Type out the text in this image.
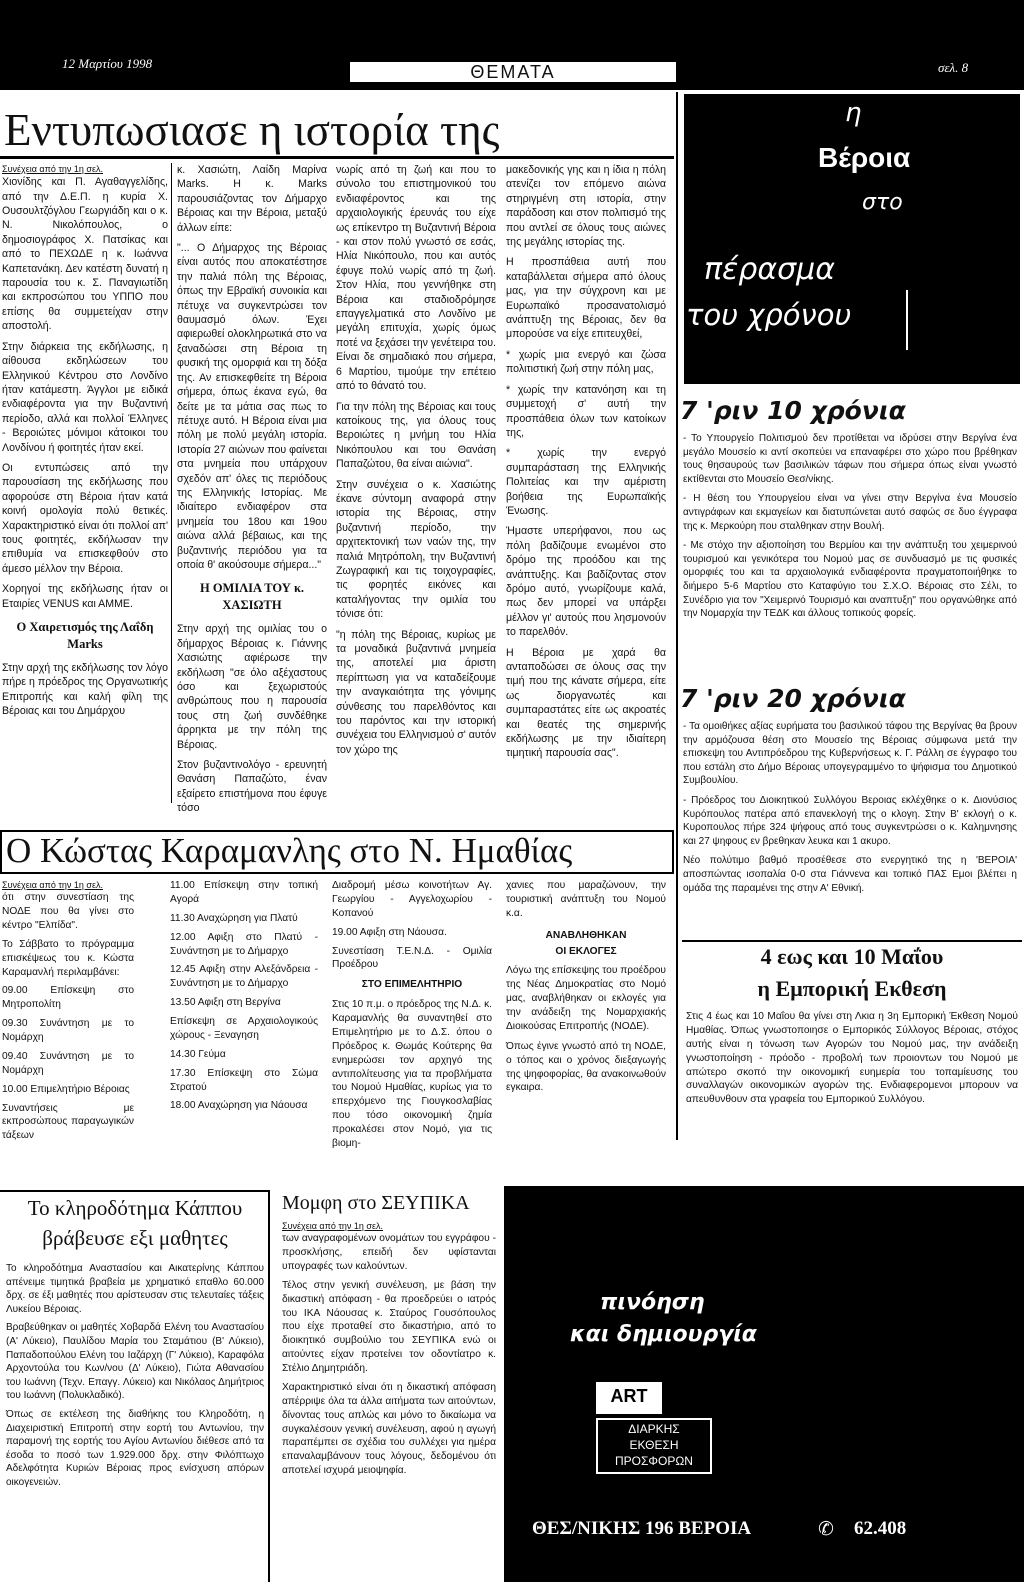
12 Μαρτίου 1998	ΘΕΜΑΤΑ	σελ. 8
Εντυπωσιασε η ιστορία της

Συνέχεια από την 1η σελ.

Χιονίδης και Π. Αγαθαγγελίδης, από την Δ.Ε.Π. η κυρία Χ. Ουσουλτζόγλου Γεωργιάδη και ο κ. Ν. Νικολόπουλος, ο δημοσιογράφος Χ. Πατσίκας και από το ΠΕΧΩΔΕ η κ. Ιωάννα Καπετανάκη. Δεν κατέστη δυνατή η παρουσία του κ. Σ. Παναγιωτίδη και εκπροσώπου του ΥΠΠΟ που επίσης θα συμμετείχαν στην αποστολή.

Στην διάρκεια της εκδήλωσης, η αίθουσα εκδηλώσεων του Ελληνικού Κέντρου στο Λονδίνο ήταν κατάμεστη. Άγγλοι με ειδικά ενδιαφέροντα για την Βυζαντινή περίοδο, αλλά και πολλοί Έλληνες - Βεροιώτες μόνιμοι κάτοικοι του Λονδίνου ή φοιτητές ήταν εκεί.

Οι εντυπώσεις από την παρουσίαση της εκδήλωσης που αφορούσε στη Βέροια ήταν κατά κοινή ομολογία πολύ θετικές. Χαρακτηριστικό είναι ότι πολλοί απ' τους φοιτητές, εκδήλωσαν την επιθυμία να επισκεφθούν στο άμεσο μέλλον την Βέροια.

Χορηγοί της εκδήλωσης ήταν οι Εταιρίες VENUS και ΑΜΜΕ.

Ο Χαιρετισμός της Λαΐδη Marks

Στην αρχή της εκδήλωσης τον λόγο πήρε η πρόεδρος της Οργανωτικής Επιτροπής και καλή φίλη της Βέροιας και του Δημάρχου

κ. Χασιώτη, Λαίδη Μαρίνα Marks. Η κ. Marks παρουσιάζοντας τον Δήμαρχο Βέροιας και την Βέροια, μεταξύ άλλων είπε:

"... Ο Δήμαρχος της Βέροιας είναι αυτός που αποκατέστησε την παλιά πόλη της Βέροιας, όπως την Εβραϊκή συνοικία και πέτυχε να συγκεντρώσει τον θαυμασμό όλων. Έχει αφιερωθεί ολοκληρωτικά στο να ξαναδώσει στη Βέροια τη φυσική της ομορφιά και τη δόξα της. Αν επισκεφθείτε τη Βέροια σήμερα, όπως έκανα εγώ, θα δείτε με τα μάτια σας πως το πέτυχε αυτό. Η Βέροια είναι μια πόλη με πολύ μεγάλη ιστορία. Ιστορία 27 αιώνων που φαίνεται στα μνημεία που υπάρχουν σχεδόν απ' όλες τις περιόδους της Ελληνικής Ιστορίας. Με ιδιαίτερο ενδιαφέρον στα μνημεία του 18ου και 19ου αιώνα αλλά βέβαιως, και της βυζαντινής περιόδου για τα οποία θ' ακούσουμε σήμερα..."

Η ΟΜΙΛΙΑ ΤΟΥ κ. ΧΑΣΙΩΤΗ

Στην αρχή της ομιλίας του ο δήμαρχος Βέροιας κ. Γιάννης Χασιώτης αφιέρωσε την εκδήλωση "σε όλο αξέχαστους όσο και ξεχωριστούς ανθρώπους που η παρουσία τους στη ζωή συνδέθηκε άρρηκτα με την πόλη της Βέροιας.

Στον βυζαντινολόγο - ερευνητή Θανάση Παπαζώτο, έναν εξαίρετο επιστήμονα που έφυγε τόσο

νωρίς από τη ζωή και που το σύνολο του επιστημονικού του ενδιαφέροντος και της αρχαιολογικής έρευνάς του είχε ως επίκεντρο τη Βυζαντινή Βέροια - και στον πολύ γνωστό σε εσάς, Ηλία Νικόπουλο, που και αυτός έφυγε πολύ νωρίς από τη ζωή. Στον Ηλία, που γεννήθηκε στη Βέροια και σταδιοδρόμησε επαγγελματικά στο Λονδίνο με μεγάλη επιτυχία, χωρίς όμως ποτέ να ξεχάσει την γενέτειρα του. Είναι δε σημαδιακό που σήμερα, 6 Μαρτίου, τιμούμε την επέτειο από το θάνατό του.

Για την πόλη της Βέροιας και τους κατοίκους της, για όλους τους Βεροιώτες η μνήμη του Ηλία Νικόπουλου και του Θανάση Παπαζώτου, θα είναι αιώνια".

Στην συνέχεια ο κ. Χασιώτης έκανε σύντομη αναφορά στην ιστορία της Βέροιας, στην βυζαντινή περίοδο, την αρχιτεκτονική των ναών της, την παλιά Μητρόπολη, την Βυζαντινή Ζωγραφική και τις τοιχογραφίες, τις φορητές εικόνες και καταλήγοντας την ομιλία του τόνισε ότι:

"η πόλη της Βέροιας, κυρίως με τα μοναδικά βυζαντινά μνημεία της, αποτελεί μια άριστη περίπτωση για να καταδείξουμε την αναγκαιότητα της γόνιμης σύνθεσης του παρελθόντος και του παρόντος και την ιστορική συνέχεια του Ελληνισμού σ' αυτόν τον χώρο της

μακεδονικής γης και η ίδια η πόλη ατενίζει τον επόμενο αιώνα στηριγμένη στη ιστορία, στην παράδοση και στον πολιτισμό της που αντλεί σε όλους τους αιώνες της μεγάλης ιστορίας της.

Η προσπάθεια αυτή που καταβάλλεται σήμερα από όλους μας, για την σύγχρονη και με Ευρωπαϊκό προσανατολισμό ανάπτυξη της Βέροιας, δεν θα μπορούσε να είχε επιτευχθεί,

* χωρίς μια ενεργό και ζώσα πολιτιστική ζωή στην πόλη μας,

* χωρίς την κατανόηση και τη συμμετοχή σ' αυτή την προσπάθεια όλων των κατοίκων της,

* χωρίς την ενεργό συμπαράσταση της Ελληνικής Πολιτείας και την αμέριστη βοήθεια της Ευρωπαϊκής Ένωσης.

Ήμαστε υπερήφανοι, που ως πόλη βαδίζουμε ενωμένοι στο δρόμο της προόδου και της ανάπτυξης. Και βαδίζοντας στον δρόμο αυτό, γνωρίζουμε καλά, πως δεν μπορεί να υπάρξει μέλλον γι' αυτούς που λησμονούν το παρελθόν.

Η Βέροια με χαρά θα ανταποδώσει σε όλους σας την τιμή που της κάνατε σήμερα, είτε ως διοργανωτές και συμπαραστάτες είτε ως ακροατές και θεατές της σημερινής εκδήλωσης με την ιδιαίτερη τιμητική παρουσία σας".

η
Βέροια
στο
πέρασμα
του χρόνου
7 'ριν 10 χρόνια

- Το Υπουργείο Πολιτισμού δεν προτίθεται να ιδρύσει στην Βεργίνα ένα μεγάλο Μουσείο κι αντί σκοπεύει να επαναφέρει στο χώρο που βρέθηκαν τους θησαυρούς των βασιλικών τάφων που σήμερα όπως είναι γνωστό εκτίθενται στο Μουσείο Θεσ/νίκης.

- Η θέση του Υπουργείου είναι να γίνει στην Βεργίνα ένα Μουσείο αντιγράφων και εκμαγείων και διατυπώνεται αυτό σαφώς σε δυο έγγραφα της κ. Μερκούρη που σταλθηκαν στην Βουλή.

- Με στόχο την αξιοποίηση του Βερμίου και την ανάπτυξη του χειμερινού τουρισμού και γενικότερα του Νομού μας σε συνδυασμό με τις φυσικές ομορφιές του και τα αρχαιολογικά ενδιαφέροντα πραγματοποιήθηκε το διήμερο 5-6 Μαρτίου στο Καταφύγιο του Σ.Χ.Ο. Βέροιας στο Σέλι, το Συνέδριο για τον "Χειμερινό Τουρισμό και αναπτυξη" που οργανώθηκε από την Νομαρχία την ΤΕΔΚ και άλλους τοπικούς φορείς.

7 'ριν 20 χρόνια

- Τα ομοιθήκες αξίας ευρήματα του βασιλικού τάφου της Βεργίνας θα βρουν την αρμόζουσα θέση στο Μουσείο της Βέροιας σύμφωνα μετά την επισκεψη του Αντιπρόεδρου της Κυβερνήσεως κ. Γ. Ράλλη σε έγγραφο του που εστάλη στο Δήμο Βέροιας υπογεγραμμένο το ψήφισμα του Δημοτικού Συμβουλίου.

- Πρόεδρος του Διοικητικού Συλλόγου Βεροιας εκλέχθηκε ο κ. Διονύσιος Κυρόπουλος πατέρα από επανεκλογή της ο κλογη. Στην Β' εκλογή ο κ. Κυροπουλος πήρε 324 ψήφους από τους συγκεντρώσει ο κ. Καλημνησης και 27 ψηφους εν βρεθηκαν λευκα και 1 ακυρο.

Νέο πολύτιμο βαθμό προσέθεσε στο ενεργητικό της η 'ΒΕΡΟΙΑ' αποσπώντας ισοπαλία 0-0 στα Γιάννενα και τοπικό ΠΑΣ Εμοι βλέπει η ομάδα της παραμένει της στην Α' Εθνική.

4 εως και 10 Μαΐου
η Εμπορική Εκθεση
Στις 4 έως και 10 Μαΐου θα γίνει στη Λκια η 3η Εμπορική Έκθεση Νομού Ημαθίας. Όπως γνωστοποιησε ο Εμπορικός Σύλλογος Βέροιας, στόχος αυτής είναι η τόνωση των Αγορών του Νομού μας, την ανάδειξη γνωστοποίηση - πρόοδο - προβολή των προιοντων του Νομού με απώτερο σκοπό την οικονομική ευημερία του τοπαμίευσης του συναλλαγών οικονομικών αγορών της. Ενδιαφερομενοι μπορουν να απευθυνθουν στα γραφεία του Εμπορικού Συλλόγου.
Ο Κώστας Καραμανλης στο Ν. Ημαθίας

Συνέχεια από την 1η σελ.

ότι στην συνεστίαση της ΝΟΔΕ που θα γίνει στο κέντρο "Ελπίδα".

Το Σάββατο το πρόγραμμα επισκέψεως του κ. Κώστα Καραμανλή περιλαμβάνει:

09.00 Επίσκεψη στο Μητροπολίτη

09.30 Συνάντηση με το Νομάρχη

09.40 Συνάντηση με το Νομάρχη

10.00 Επιμελητήριο Βέροιας

Συναντήσεις με εκπροσώπους παραγωγικών τάξεων

11.00 Επίσκεψη στην τοπική Αγορά

11.30 Αναχώρηση για Πλατύ

12.00 Αφιξη στο Πλατύ - Συνάντηση με το Δήμαρχο

12.45 Αφιξη στην Αλεξάνδρεια - Συνάντηση με το Δήμαρχο

13.50 Αφιξη στη Βεργίνα

Επίσκεψη σε Αρχαιολογικούς χώρους - Ξεναγηση

14.30 Γεύμα

17.30 Επίσκεψη στο Σώμα Στρατού

18.00 Αναχώρηση για Νάουσα

Διαδρομή μέσω κοινοτήτων Αγ. Γεωργίου - Αγγελοχωρίου - Κοπανού

19.00 Αφιξη στη Νάουσα.

Συνεστίαση Τ.Ε.Ν.Δ. - Ομιλία Προέδρου

ΣΤΟ ΕΠΙΜΕΛΗΤΗΡΙΟ

Στις 10 π.μ. ο πρόεδρος της Ν.Δ. κ. Καραμανλής θα συναντηθεί στο Επιμελητήριο με το Δ.Σ. όπου ο Πρόεδρος κ. Θωμάς Κούτερης θα ενημερώσει τον αρχηγό της αντιπολίτευσης για τα προβλήματα του Νομού Ημαθίας, κυρίως για το επερχόμενο της Γιουγκοσλαβίας που τόσο οικονομική ζημία προκαλέσει στον Νομό, για τις βιομη-

χανιες που μαραζώνουν, την τουριστική ανάπτυξη του Νομού κ.α.

ΑΝΑΒΛΗΘΗΚΑΝ

ΟΙ ΕΚΛΟΓΕΣ

Λόγω της επίσκεψης του προέδρου της Νέας Δημοκρατίας στο Νομό μας, αναβλήθηκαν οι εκλογές για την ανάδειξη της Νομαρχιακής Διοικούσας Επιτροπής (ΝΟΔΕ).

Όπως έγινε γνωστό από τη ΝΟΔΕ, ο τόπος και ο χρόνος διεξαγωγής της ψηφοφορίας, θα ανακοινωθούν εγκαιρα.

Το κληροδότημα Κάππου
βράβευσε εξι μαθητες

Το κληροδότημα Αναστασίου και Αικατερίνης Κάππου απένειμε τιμητικά βραβεία με χρηματικό επαθλο 60.000 δρχ. σε έξι μαθητές που αρίστευσαν στις τελευταίες τάξεις Λυκείου Βέροιας.

Βραβεύθηκαν οι μαθητές Χοβαρδά Ελένη του Αναστασίου (Α' Λύκειο), Παυλίδου Μαρία του Σταμάτιου (Β' Λύκειο), Παπαδοπούλου Ελένη του Ιαζάρχη (Γ' Λύκειο), Καραφόλα Αρχοντούλα του Κων/νου (Δ' Λύκειο), Γιώτα Αθανασίου του Ιωάννη (Τεχν. Επαγγ. Λύκειο) και Νικόλαος Δημήτριος του Ιωάννη (Πολυκλαδικό).

Όπως σε εκτέλεση της διαθήκης του Κληροδότη, η Διαχειριστική Επιτροπή στην εορτή του Αντωνίου, την παραμονή της εορτής του Αγίου Αντωνίου διέθεσε από τα έσοδα το ποσό των 1.929.000 δρχ. στην Φιλόπτωχο Αδελφότητα Κυριών Βέροιας προς ενίσχυση απόρων οικογενειών.

Μομφη στο ΣΕΥΠΙΚΑ

Συνέχεια από την 1η σελ.

των αναγραφομένων ονομάτων του εγγράφου - προσκλήσης, επειδή δεν υφίστανται υπογραφές των καλούντων.

Τέλος στην γενική συνέλευση, με βάση την δικαστική απόφαση - θα προεδρεύει ο ιατρός του ΙΚΑ Νάουσας κ. Σταύρος Γουσόπουλος που είχε προταθεί στο δικαστήριο, από το διοικητικό συμβούλιο του ΣΕΥΠΙΚΑ ενώ οι αιτούντες είχαν προτείνει τον οδοντίατρο κ. Στέλιο Δημητριάδη.

Χαρακτηριστικό είναι ότι η δικαστική απόφαση απέρριψε όλα τα άλλα αιτήματα των αιτούντων, δίνοντας τους απλώς και μόνο το δικαίωμα να συγκαλέσουν γενική συνέλευση, αφού η αγωγή παραπέμπει σε σχέδια του συλλέχει για ημέρα επαναλαμβάνουν τους λόγους, δεδομένου ότι αποτελεί ισχυρά μειοψηφία.

πινόηση
και δημιουργία
ART
ΔΙΑΡΚΗΣ
ΕΚΘΕΣΗ
ΠΡΟΣΦΟΡΩΝ
ΘΕΣ/ΝΙΚΗΣ 196 ΒΕΡΟΙΑ	✆ 62.408
